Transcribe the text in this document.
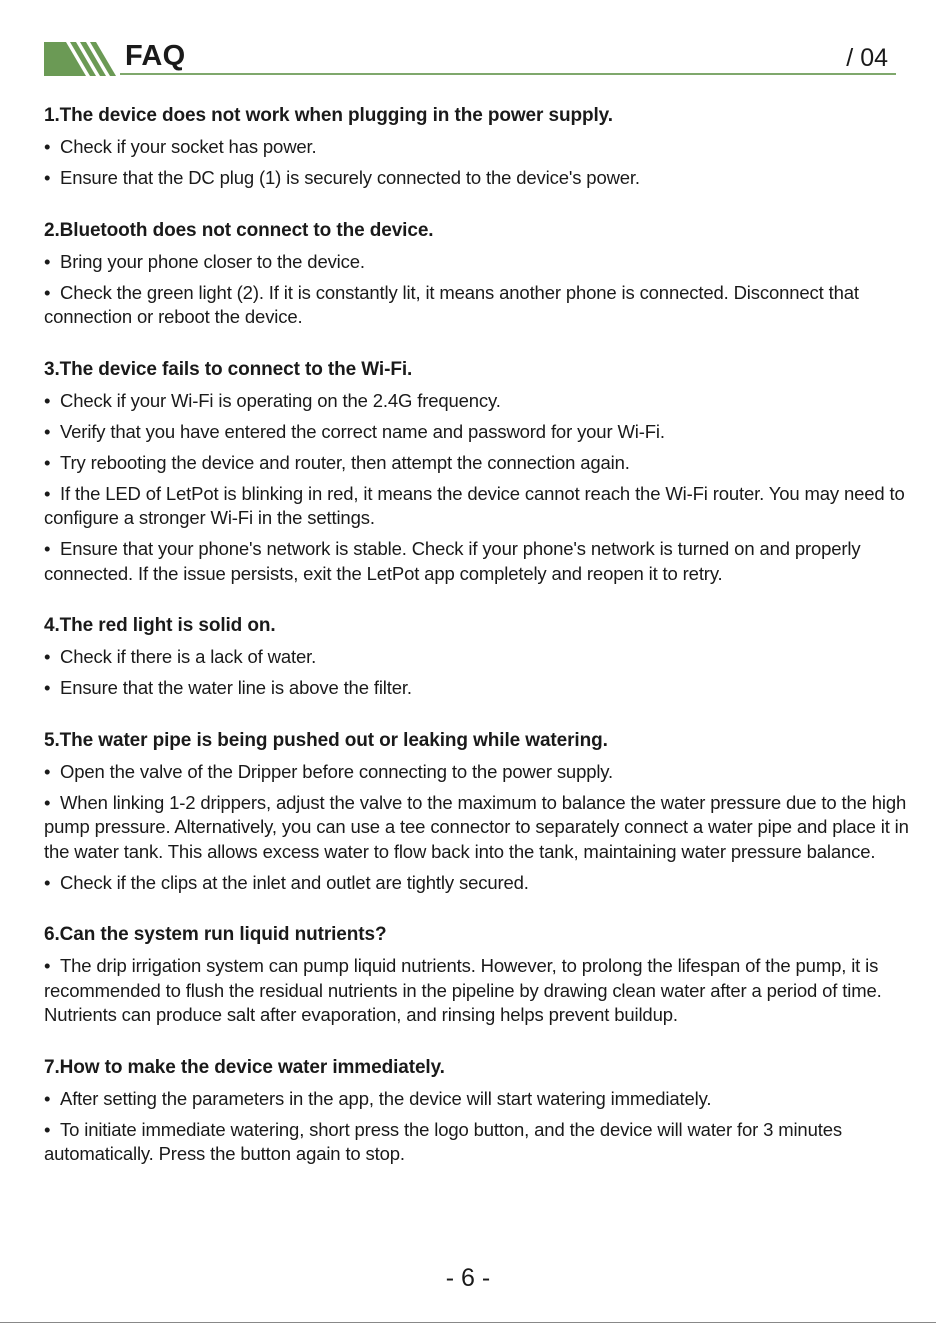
FAQ	/ 04
1.The device does not work when plugging in the power supply.
• Check if your socket has power.
• Ensure that the DC plug (1) is securely connected to the device's power.
2.Bluetooth does not connect to the device.
• Bring your phone closer to the device.
• Check the green light (2). If it is constantly lit, it means another phone is connected. Disconnect that connection or reboot the device.
3.The device fails to connect to the Wi-Fi.
• Check if your Wi-Fi is operating on the 2.4G frequency.
• Verify that you have entered the correct name and password for your Wi-Fi.
• Try rebooting the device and router, then attempt the connection again.
• If the LED of LetPot is blinking in red, it means the device cannot reach the Wi-Fi router. You may need to configure a stronger Wi-Fi in the settings.
• Ensure that your phone's network is stable. Check if your phone's network is turned on and properly connected. If the issue persists, exit the LetPot app completely and reopen it to retry.
4.The red light is solid on.
• Check if there is a lack of water.
• Ensure that the water line is above the filter.
5.The water pipe is being pushed out or leaking while watering.
• Open the valve of the Dripper before connecting to the power supply.
• When linking 1-2 drippers, adjust the valve to the maximum to balance the water pressure due to the high pump pressure. Alternatively, you can use a tee connector to separately connect a water pipe and place it in the water tank. This allows excess water to flow back into the tank, maintaining water pressure balance.
• Check if the clips at the inlet and outlet are tightly secured.
6.Can the system run liquid nutrients?
• The drip irrigation system can pump liquid nutrients. However, to prolong the lifespan of the pump, it is recommended to flush the residual nutrients in the pipeline by drawing clean water after a period of time. Nutrients can produce salt after evaporation, and rinsing helps prevent buildup.
7.How to make the device water immediately.
• After setting the parameters in the app, the device will start watering immediately.
• To initiate immediate watering, short press the logo button, and the device will water for 3 minutes automatically. Press the button again to stop.
- 6 -
